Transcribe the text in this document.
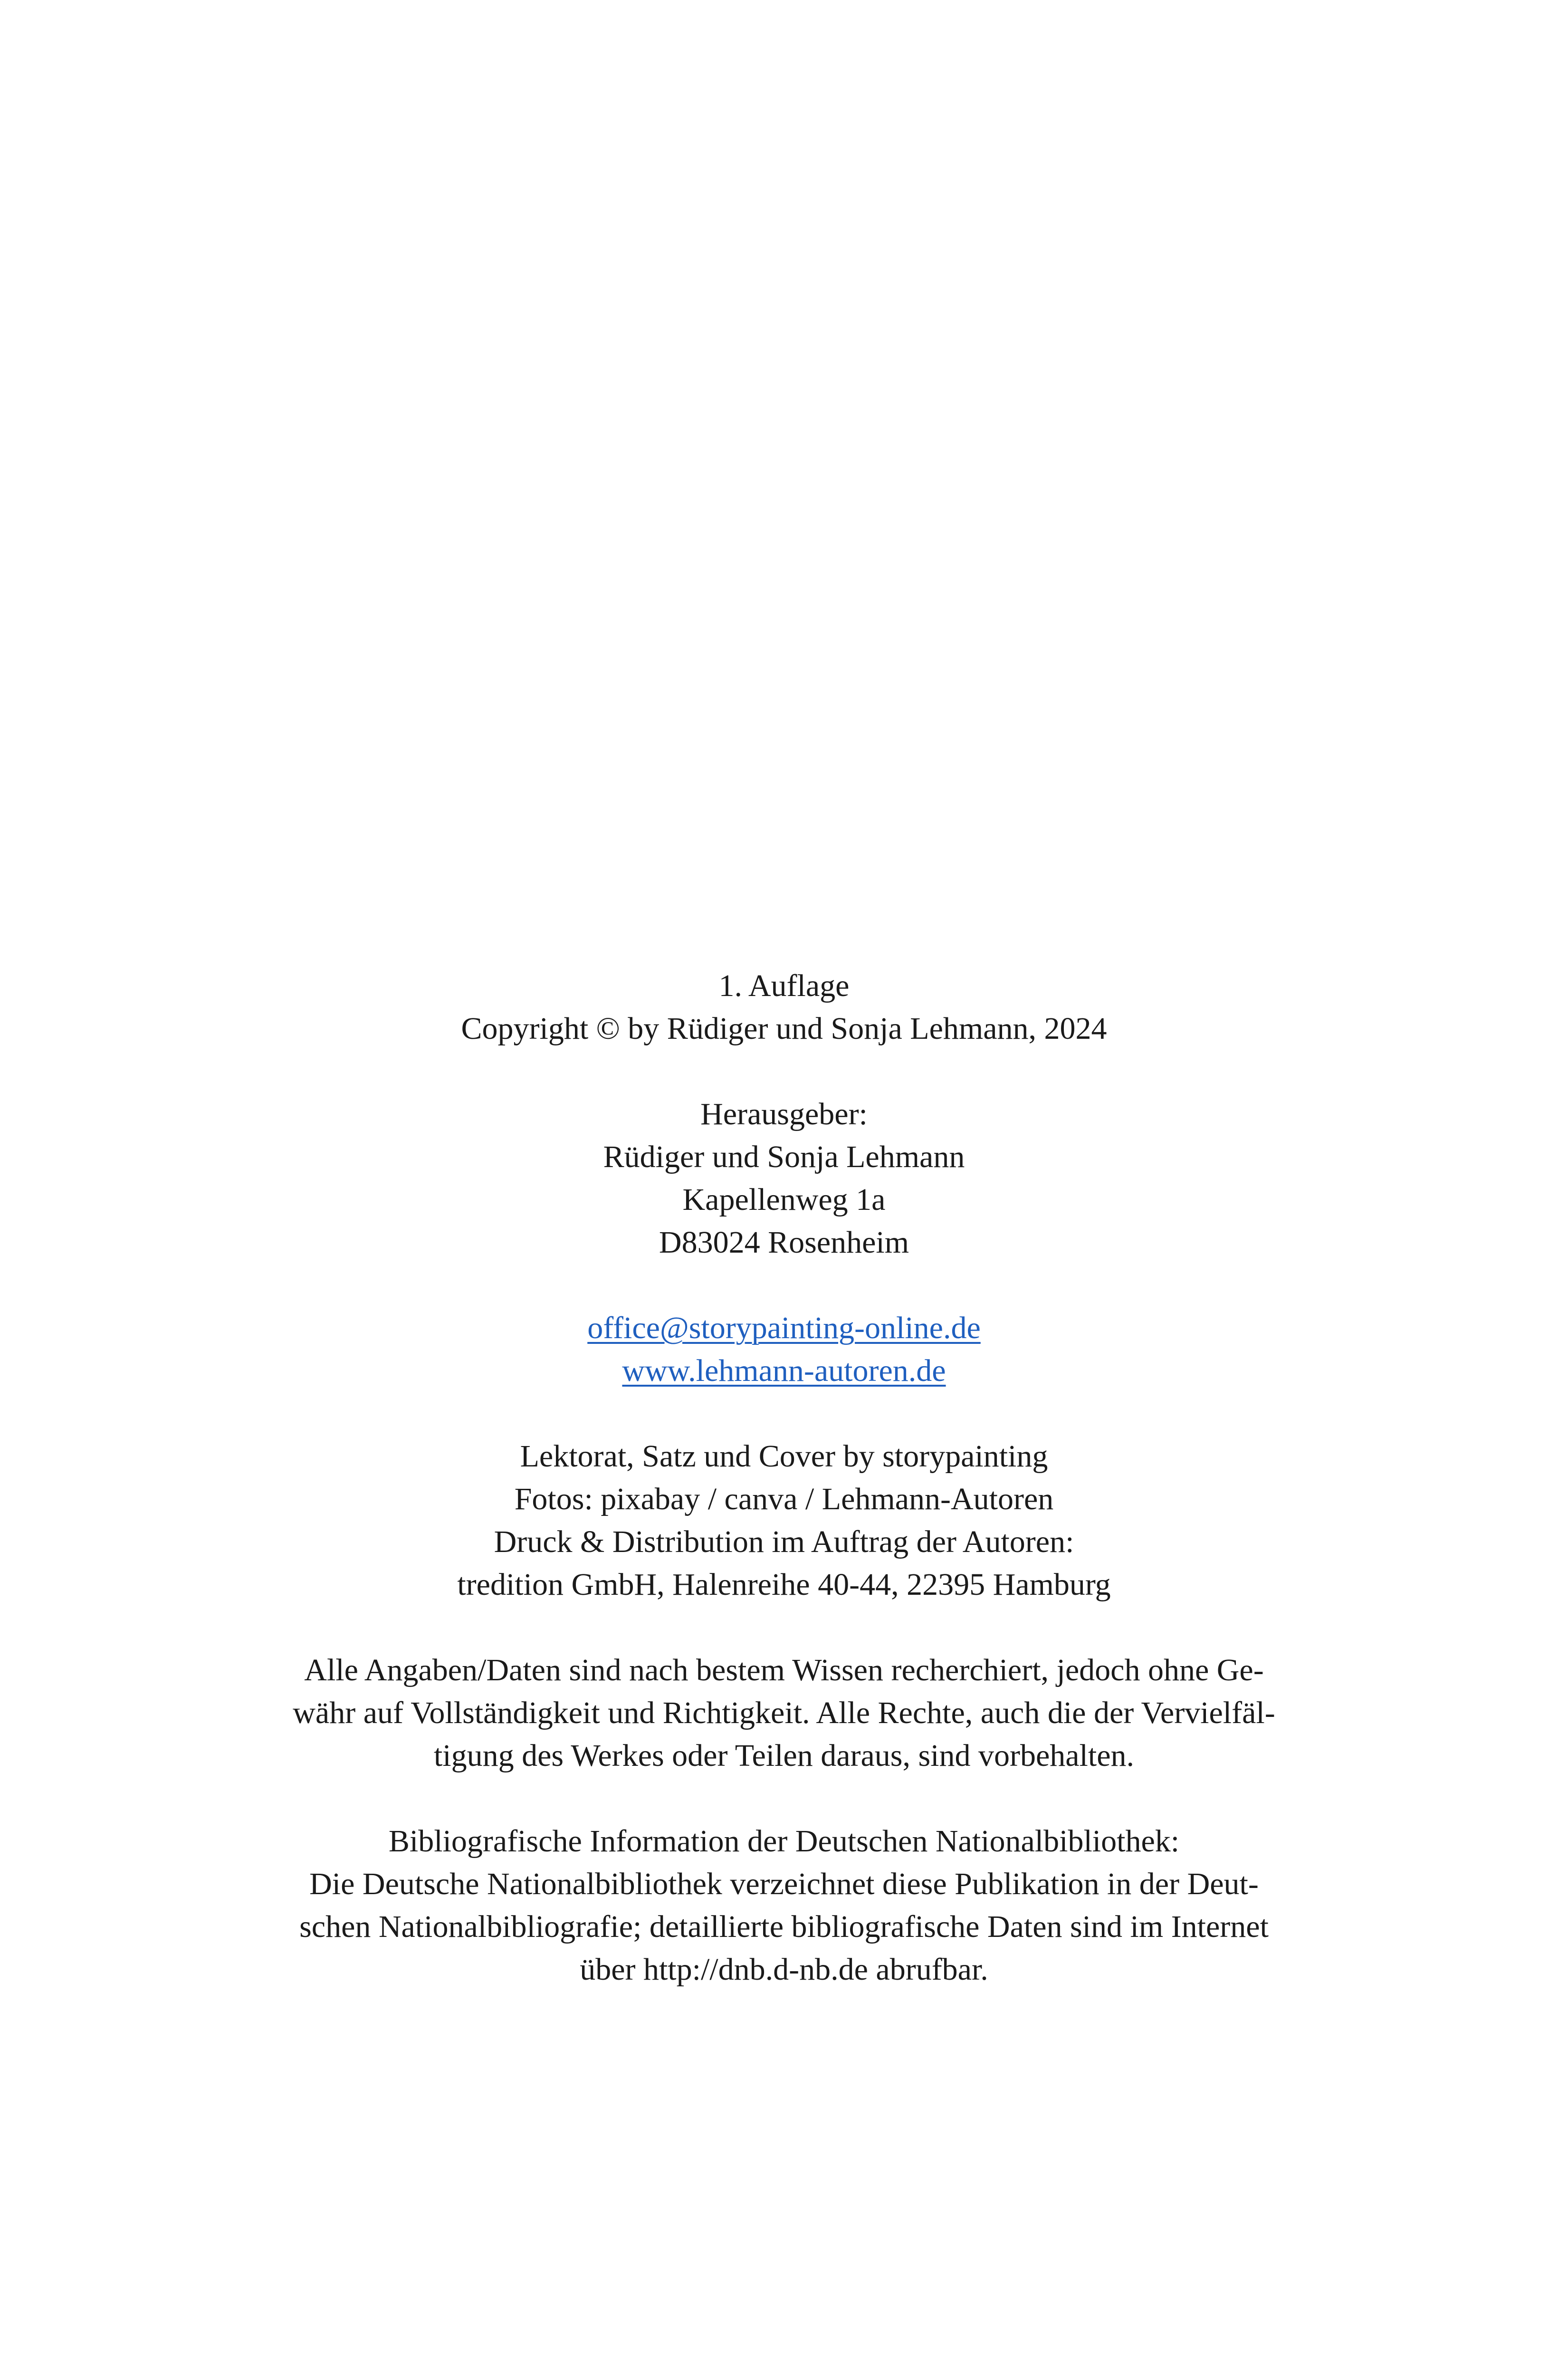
1. Auflage
Copyright © by Rüdiger und Sonja Lehmann, 2024
Herausgeber:
Rüdiger und Sonja Lehmann
Kapellenweg 1a
D83024 Rosenheim
office@storypainting-online.de
www.lehmann-autoren.de
Lektorat, Satz und Cover by storypainting
Fotos: pixabay / canva / Lehmann-Autoren
Druck & Distribution im Auftrag der Autoren:
tredition GmbH, Halenreihe 40-44, 22395 Hamburg
Alle Angaben/Daten sind nach bestem Wissen recherchiert, jedoch ohne Ge-
währ auf Vollständigkeit und Richtigkeit. Alle Rechte, auch die der Vervielfäl-
tigung des Werkes oder Teilen daraus, sind vorbehalten.
Bibliografische Information der Deutschen Nationalbibliothek:
Die Deutsche Nationalbibliothek verzeichnet diese Publikation in der Deut-
schen Nationalbibliografie; detaillierte bibliografische Daten sind im Internet
über http://dnb.d-nb.de abrufbar.
